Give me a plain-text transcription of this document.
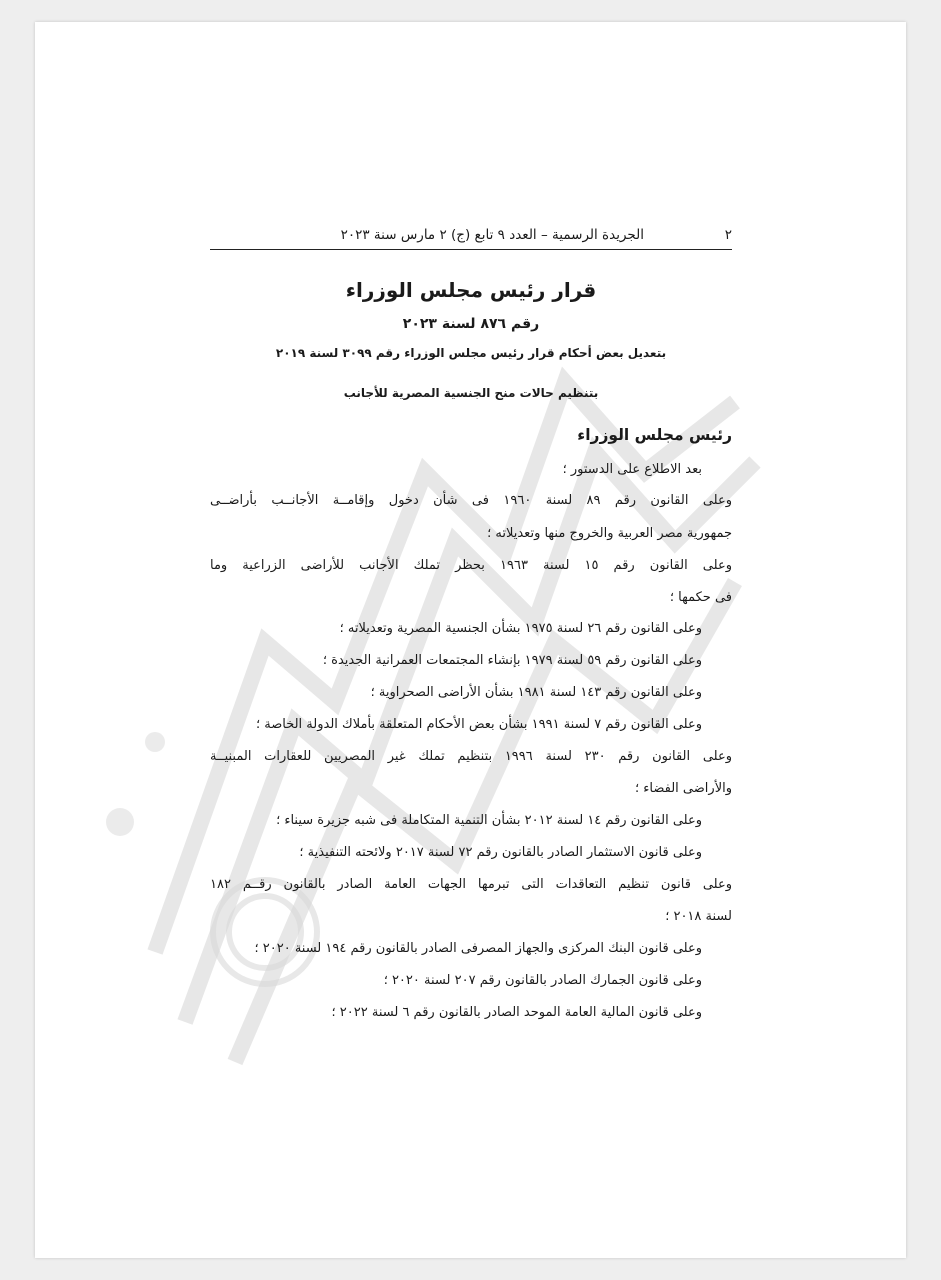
٢
الجريدة الرسمية – العدد ٩ تابع (ج) ٢ مارس سنة ٢٠٢٣
قرار رئيس مجلس الوزراء
رقم ٨٧٦ لسنة ٢٠٢٣
بتعديل بعض أحكام قرار رئيس مجلس الوزراء رقم ٣٠٩٩ لسنة ٢٠١٩
بتنظيم حالات منح الجنسية المصرية للأجانب
رئيس مجلس الوزراء
بعد الاطلاع على الدستور ؛
وعلى القانون رقم ٨٩ لسنة ١٩٦٠ فى شأن دخول وإقامــة الأجانــب بأراضــى
جمهورية مصر العربية والخروج منها وتعديلاته ؛
وعلى القانون رقم ١٥ لسنة ١٩٦٣ بحظر تملك الأجانب للأراضى الزراعية وما
فى حكمها ؛
وعلى القانون رقم ٢٦ لسنة ١٩٧٥ بشأن الجنسية المصرية وتعديلاته ؛
وعلى القانون رقم ٥٩ لسنة ١٩٧٩ بإنشاء المجتمعات العمرانية الجديدة ؛
وعلى القانون رقم ١٤٣ لسنة ١٩٨١ بشأن الأراضى الصحراوية ؛
وعلى القانون رقم ٧ لسنة ١٩٩١ بشأن بعض الأحكام المتعلقة بأملاك الدولة الخاصة ؛
وعلى القانون رقم ٢٣٠ لسنة ١٩٩٦ بتنظيم تملك غير المصريين للعقارات المبنيــة
والأراضى الفضاء ؛
وعلى القانون رقم ١٤ لسنة ٢٠١٢ بشأن التنمية المتكاملة فى شبه جزيرة سيناء ؛
وعلى قانون الاستثمار الصادر بالقانون رقم ٧٢ لسنة ٢٠١٧ ولائحته التنفيذية ؛
وعلى قانون تنظيم التعاقدات التى تبرمها الجهات العامة الصادر بالقانون رقــم ١٨٢
لسنة ٢٠١٨ ؛
وعلى قانون البنك المركزى والجهاز المصرفى الصادر بالقانون رقم ١٩٤ لسنة ٢٠٢٠ ؛
وعلى قانون الجمارك الصادر بالقانون رقم ٢٠٧ لسنة ٢٠٢٠ ؛
وعلى قانون المالية العامة الموحد الصادر بالقانون رقم ٦ لسنة ٢٠٢٢ ؛
